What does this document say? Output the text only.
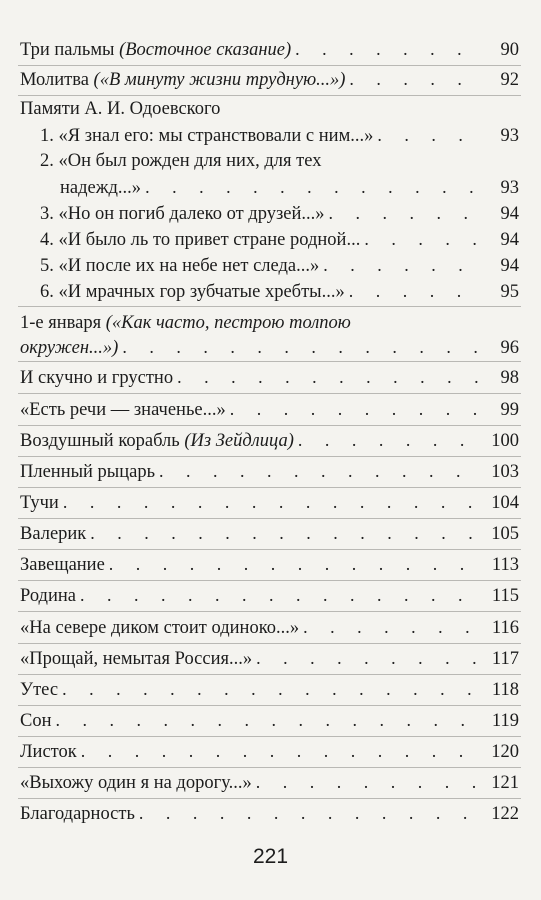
Три пальмы (Восточное сказание) . . .	90
Молитва («В минуту жизни трудную...») . . .	92
Памяти А. И. Одоевского
1. «Я знал его: мы странствовали с ним...» . . .	93
2. «Он был рожден для них, для тех
надежд...» . . .	93
3. «Но он погиб далеко от друзей...» . . .	94
4. «И было ль то привет стране родной... . . .	94
5. «И после их на небе нет следа...» . . .	94
6. «И мрачных гор зубчатые хребты...» . . .	95
1-е января («Как часто, пестрою толпою
окружен...») . . .	96
И скучно и грустно . . .	98
«Есть речи — значенье...» . . .	99
Воздушный корабль (Из Зейдлица) . . .	100
Пленный рыцарь . . .	103
Тучи . . .	104
Валерик . . .	105
Завещание . . .	113
Родина . . .	115
«На севере диком стоит одиноко...» . . .	116
«Прощай, немытая Россия...» . . .	117
Утес . . .	118
Сон . . .	119
Листок . . .	120
«Выхожу один я на дорогу...» . . .	121
Благодарность . . .	122
221
